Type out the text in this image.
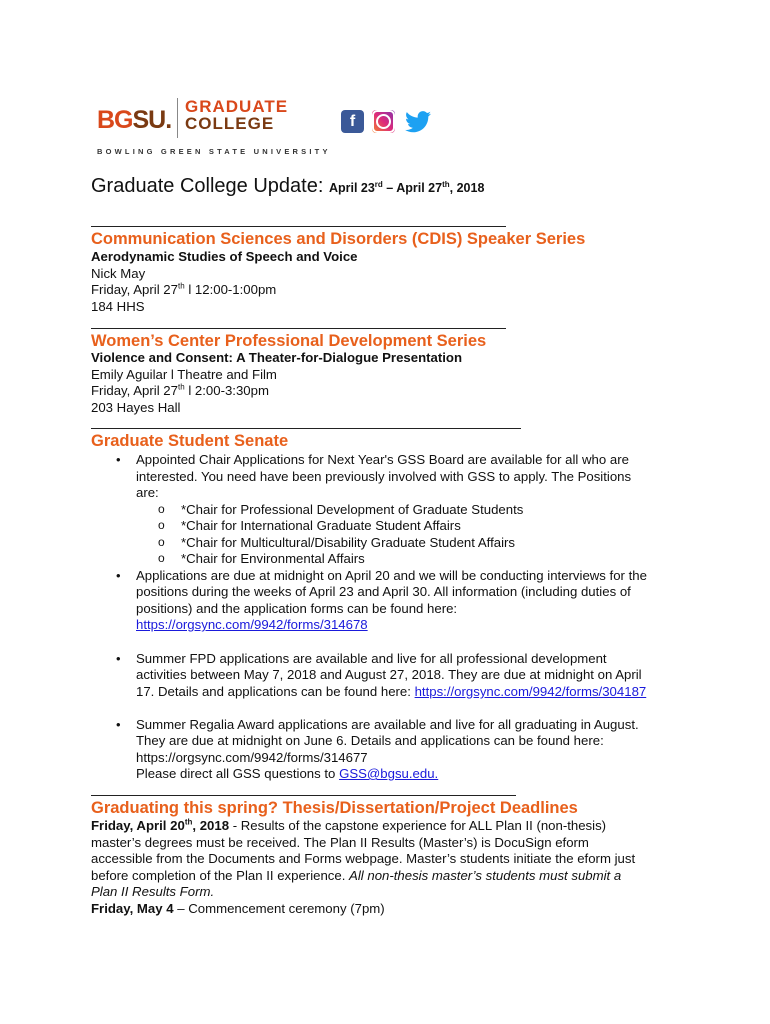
BGSU. GRADUATE
COLLEGE
BOWLING GREEN STATE UNIVERSITY
f
Graduate College Update: April 23rd – April 27th, 2018
Communication Sciences and Disorders (CDIS) Speaker Series
Aerodynamic Studies of Speech and Voice
Nick May
Friday, April 27th l 12:00-1:00pm
184 HHS
Women’s Center Professional Development Series
Violence and Consent: A Theater-for-Dialogue Presentation
Emily Aguilar l Theatre and Film
Friday, April 27th l 2:00-3:30pm
203 Hayes Hall
Graduate Student Senate
• Appointed Chair Applications for Next Year's GSS Board are available for all who are
interested. You need have been previously involved with GSS to apply. The Positions
are:
o *Chair for Professional Development of Graduate Students
o *Chair for International Graduate Student Affairs
o *Chair for Multicultural/Disability Graduate Student Affairs
o *Chair for Environmental Affairs
• Applications are due at midnight on April 20 and we will be conducting interviews for the
positions during the weeks of April 23 and April 30. All information (including duties of
positions) and the application forms can be found here:
https://orgsync.com/9942/forms/314678
• Summer FPD applications are available and live for all professional development
activities between May 7, 2018 and August 27, 2018. They are due at midnight on April
17. Details and applications can be found here: https://orgsync.com/9942/forms/304187
• Summer Regalia Award applications are available and live for all graduating in August.
They are due at midnight on June 6. Details and applications can be found here:
https://orgsync.com/9942/forms/314677
Please direct all GSS questions to GSS@bgsu.edu.
Graduating this spring? Thesis/Dissertation/Project Deadlines
Friday, April 20th, 2018 - Results of the capstone experience for ALL Plan II (non-thesis)
master’s degrees must be received. The Plan II Results (Master’s) is DocuSign eform
accessible from the Documents and Forms webpage. Master’s students initiate the eform just
before completion of the Plan II experience. All non-thesis master’s students must submit a
Plan II Results Form.
Friday, May 4 – Commencement ceremony (7pm)
